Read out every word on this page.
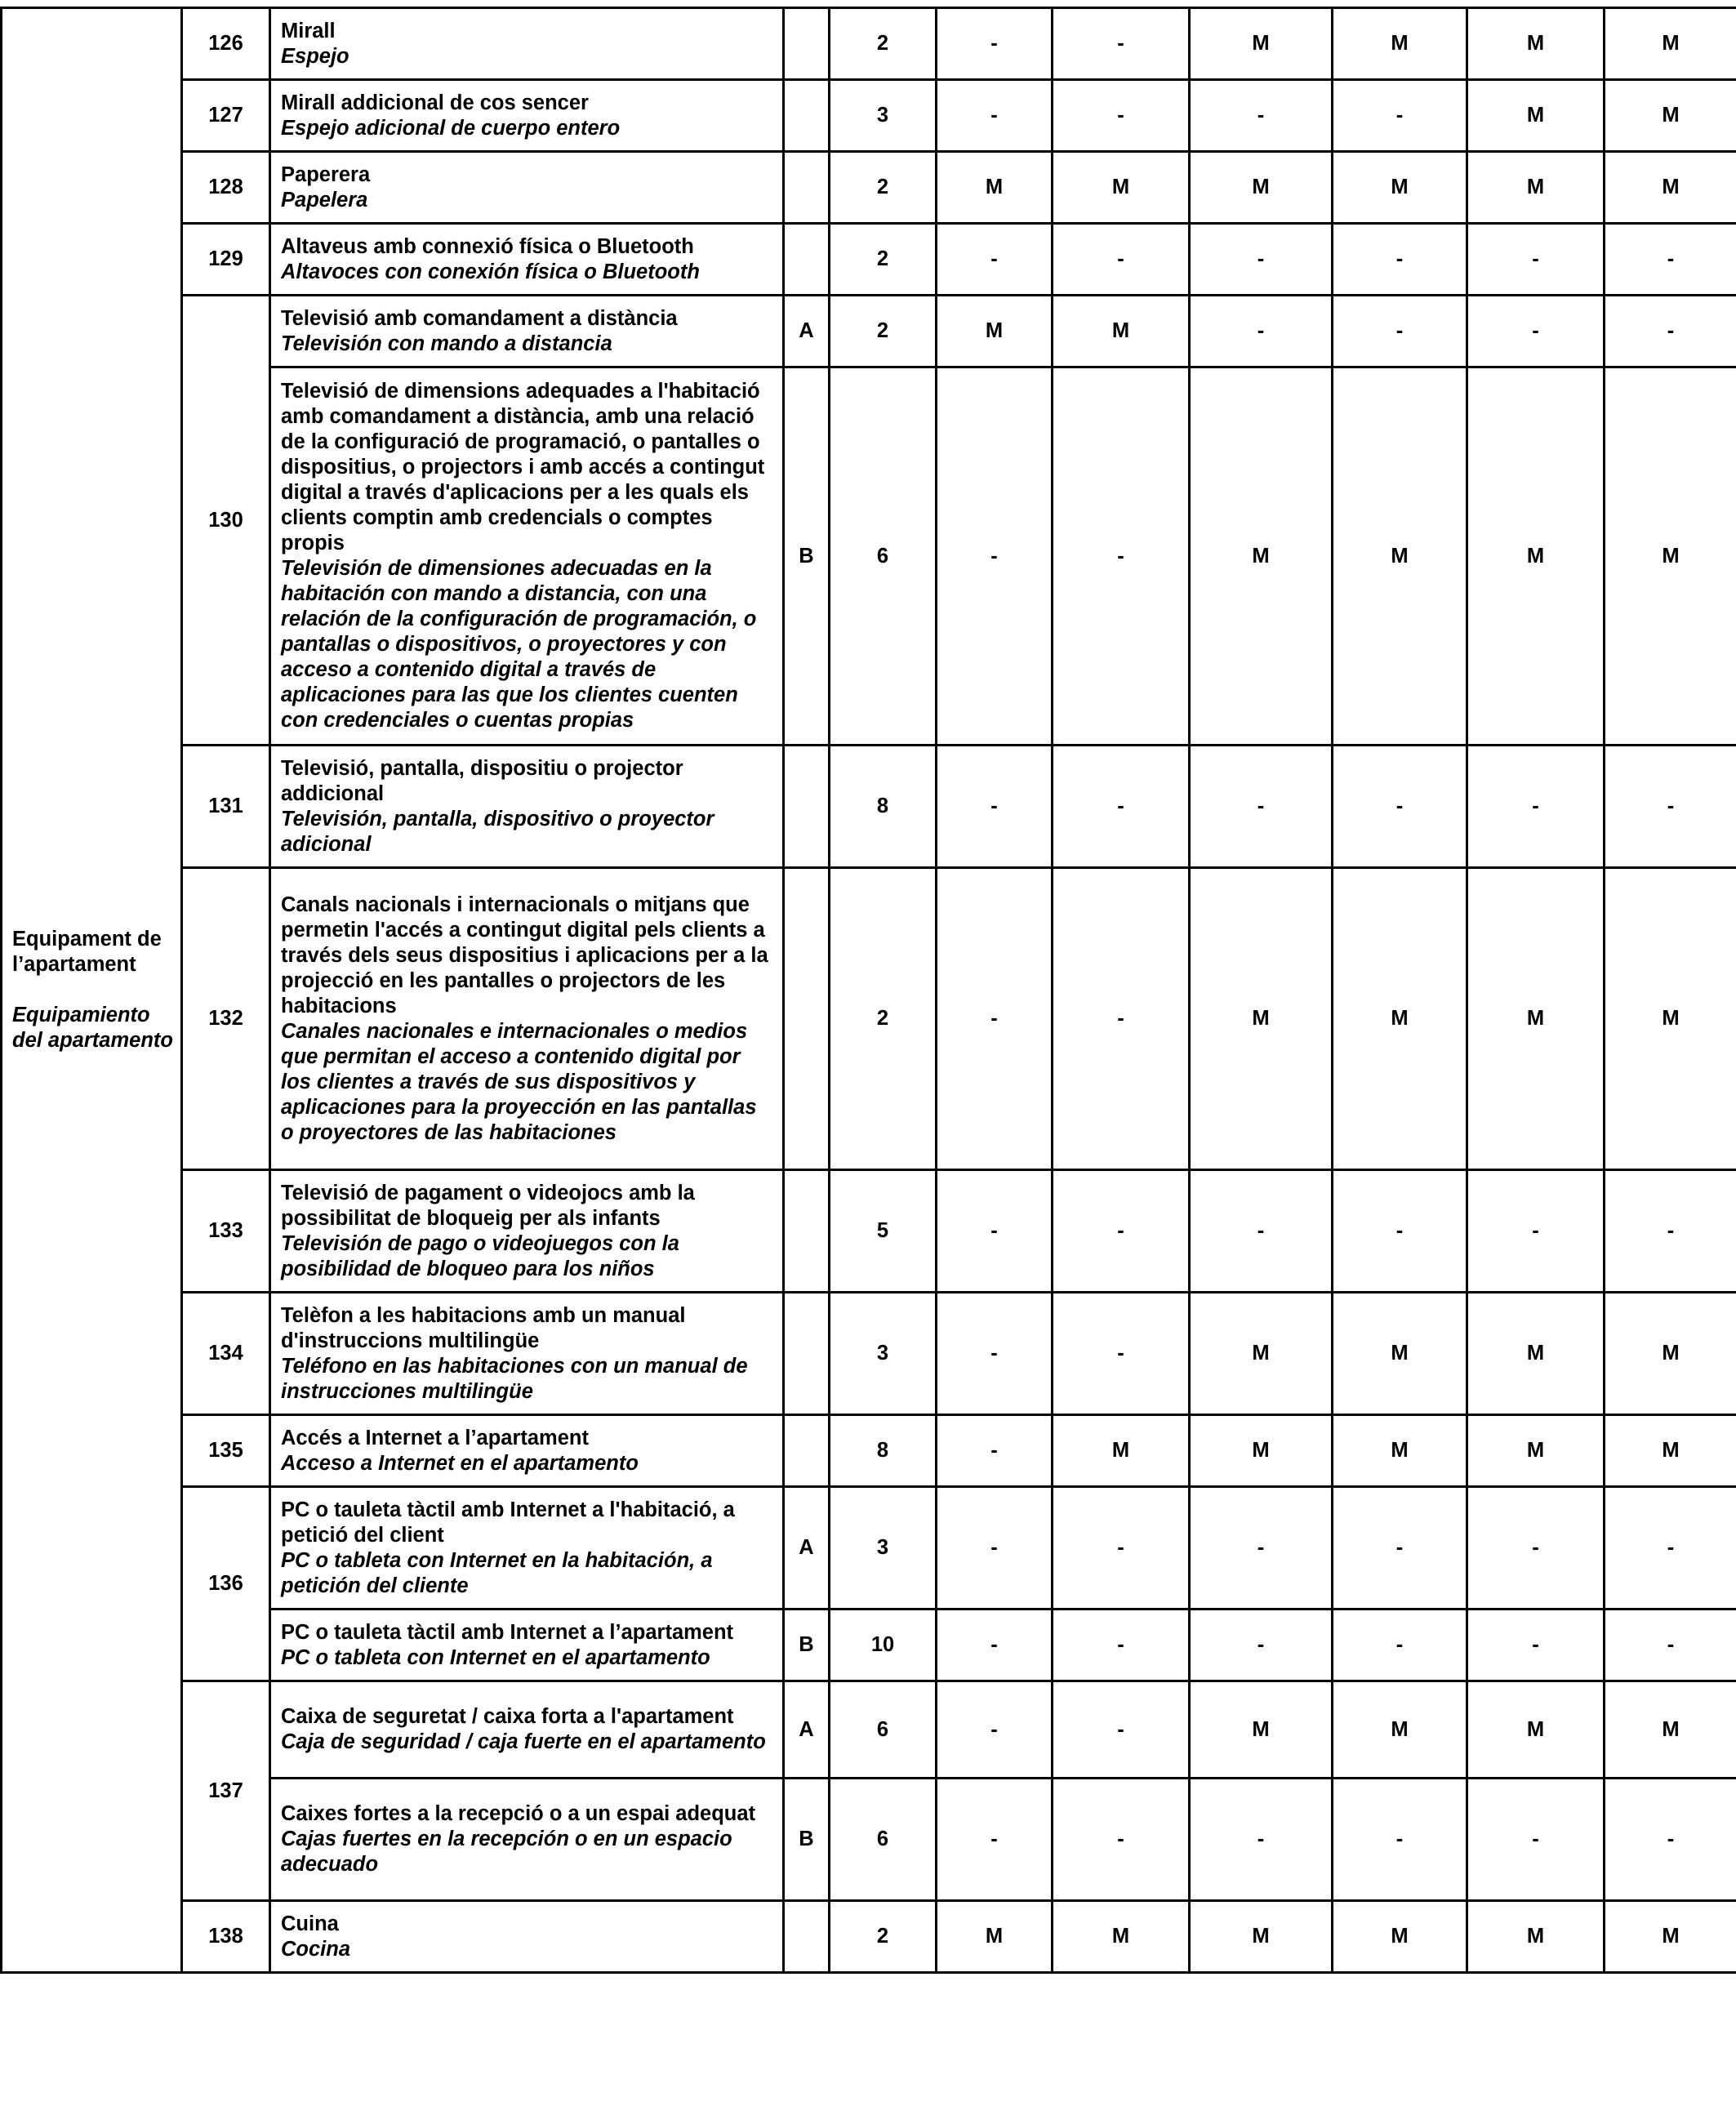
Equipament de l’apartament
Equipamiento del apartamento	126	Mirall
Espejo		2	-	-	M	M	M	M
	127	Mirall addicional de cos sencer
Espejo adicional de cuerpo entero		3	-	-	-	-	M	M
	128	Paperera
Papelera		2	M	M	M	M	M	M
	129	Altaveus amb connexió física o Bluetooth
Altavoces con conexión física o Bluetooth		2	-	-	-	-	-	-
	130	Televisió amb comandament a distància
Televisión con mando a distancia	A	2	M	M	-	-	-	-

		Televisió de dimensions adequades a l'habitació amb comandament a distància, amb una relació de la configuració de programació, o pantalles o dispositius, o projectors i amb accés a contingut digital a través d'aplicacions per a les quals els clients comptin amb credencials o comptes propis
Televisión de dimensiones adecuadas en la habitación con mando a distancia, con una relación de la configuración de programación, o pantallas o dispositivos, o proyectores y con acceso a contenido digital a través de aplicaciones para las que los clientes cuenten con credenciales o cuentas propias	B	6	-	-	M	M	M	M
	131	Televisió, pantalla, dispositiu o projector addicional
Televisión, pantalla, dispositivo o proyector adicional		8	-	-	-	-	-	-
	132	Canals nacionals i internacionals o mitjans que permetin l'accés a contingut digital pels clients a través dels seus dispositius i aplicacions per a la projecció en les pantalles o projectors de les habitacions
Canales nacionales e internacionales o medios que permitan el acceso a contenido digital por los clientes a través de sus dispositivos y aplicaciones para la proyección en las pantallas o proyectores de las habitaciones		2	-	-	M	M	M	M
	133	Televisió de pagament o videojocs amb la possibilitat de bloqueig per als infants
Televisión de pago o videojuegos con la posibilidad de bloqueo para los niños		5	-	-	-	-	-	-
	134	Telèfon a les habitacions amb un manual d'instruccions multilingüe
Teléfono en las habitaciones con un manual de instrucciones multilingüe		3	-	-	M	M	M	M
	135	Accés a Internet a l’apartament
Acceso a Internet en el apartamento		8	-	M	M	M	M	M
	136	PC o tauleta tàctil amb Internet a l'habitació, a petició del client
PC o tableta con Internet en la habitación, a petición del cliente	A	3	-	-	-	-	-	-

		PC o tauleta tàctil amb Internet a l’apartament
PC o tableta con Internet en el apartamento	B	10	-	-	-	-	-	-
	137	Caixa de seguretat / caixa forta a l'apartament
Caja de seguridad / caja fuerte en el apartamento	A	6	-	-	M	M	M	M

		Caixes fortes a la recepció o a un espai adequat
Cajas fuertes en la recepción o en un espacio adecuado	B	6	-	-	-	-	-	-
	138	Cuina
Cocina		2	M	M	M	M	M	M
